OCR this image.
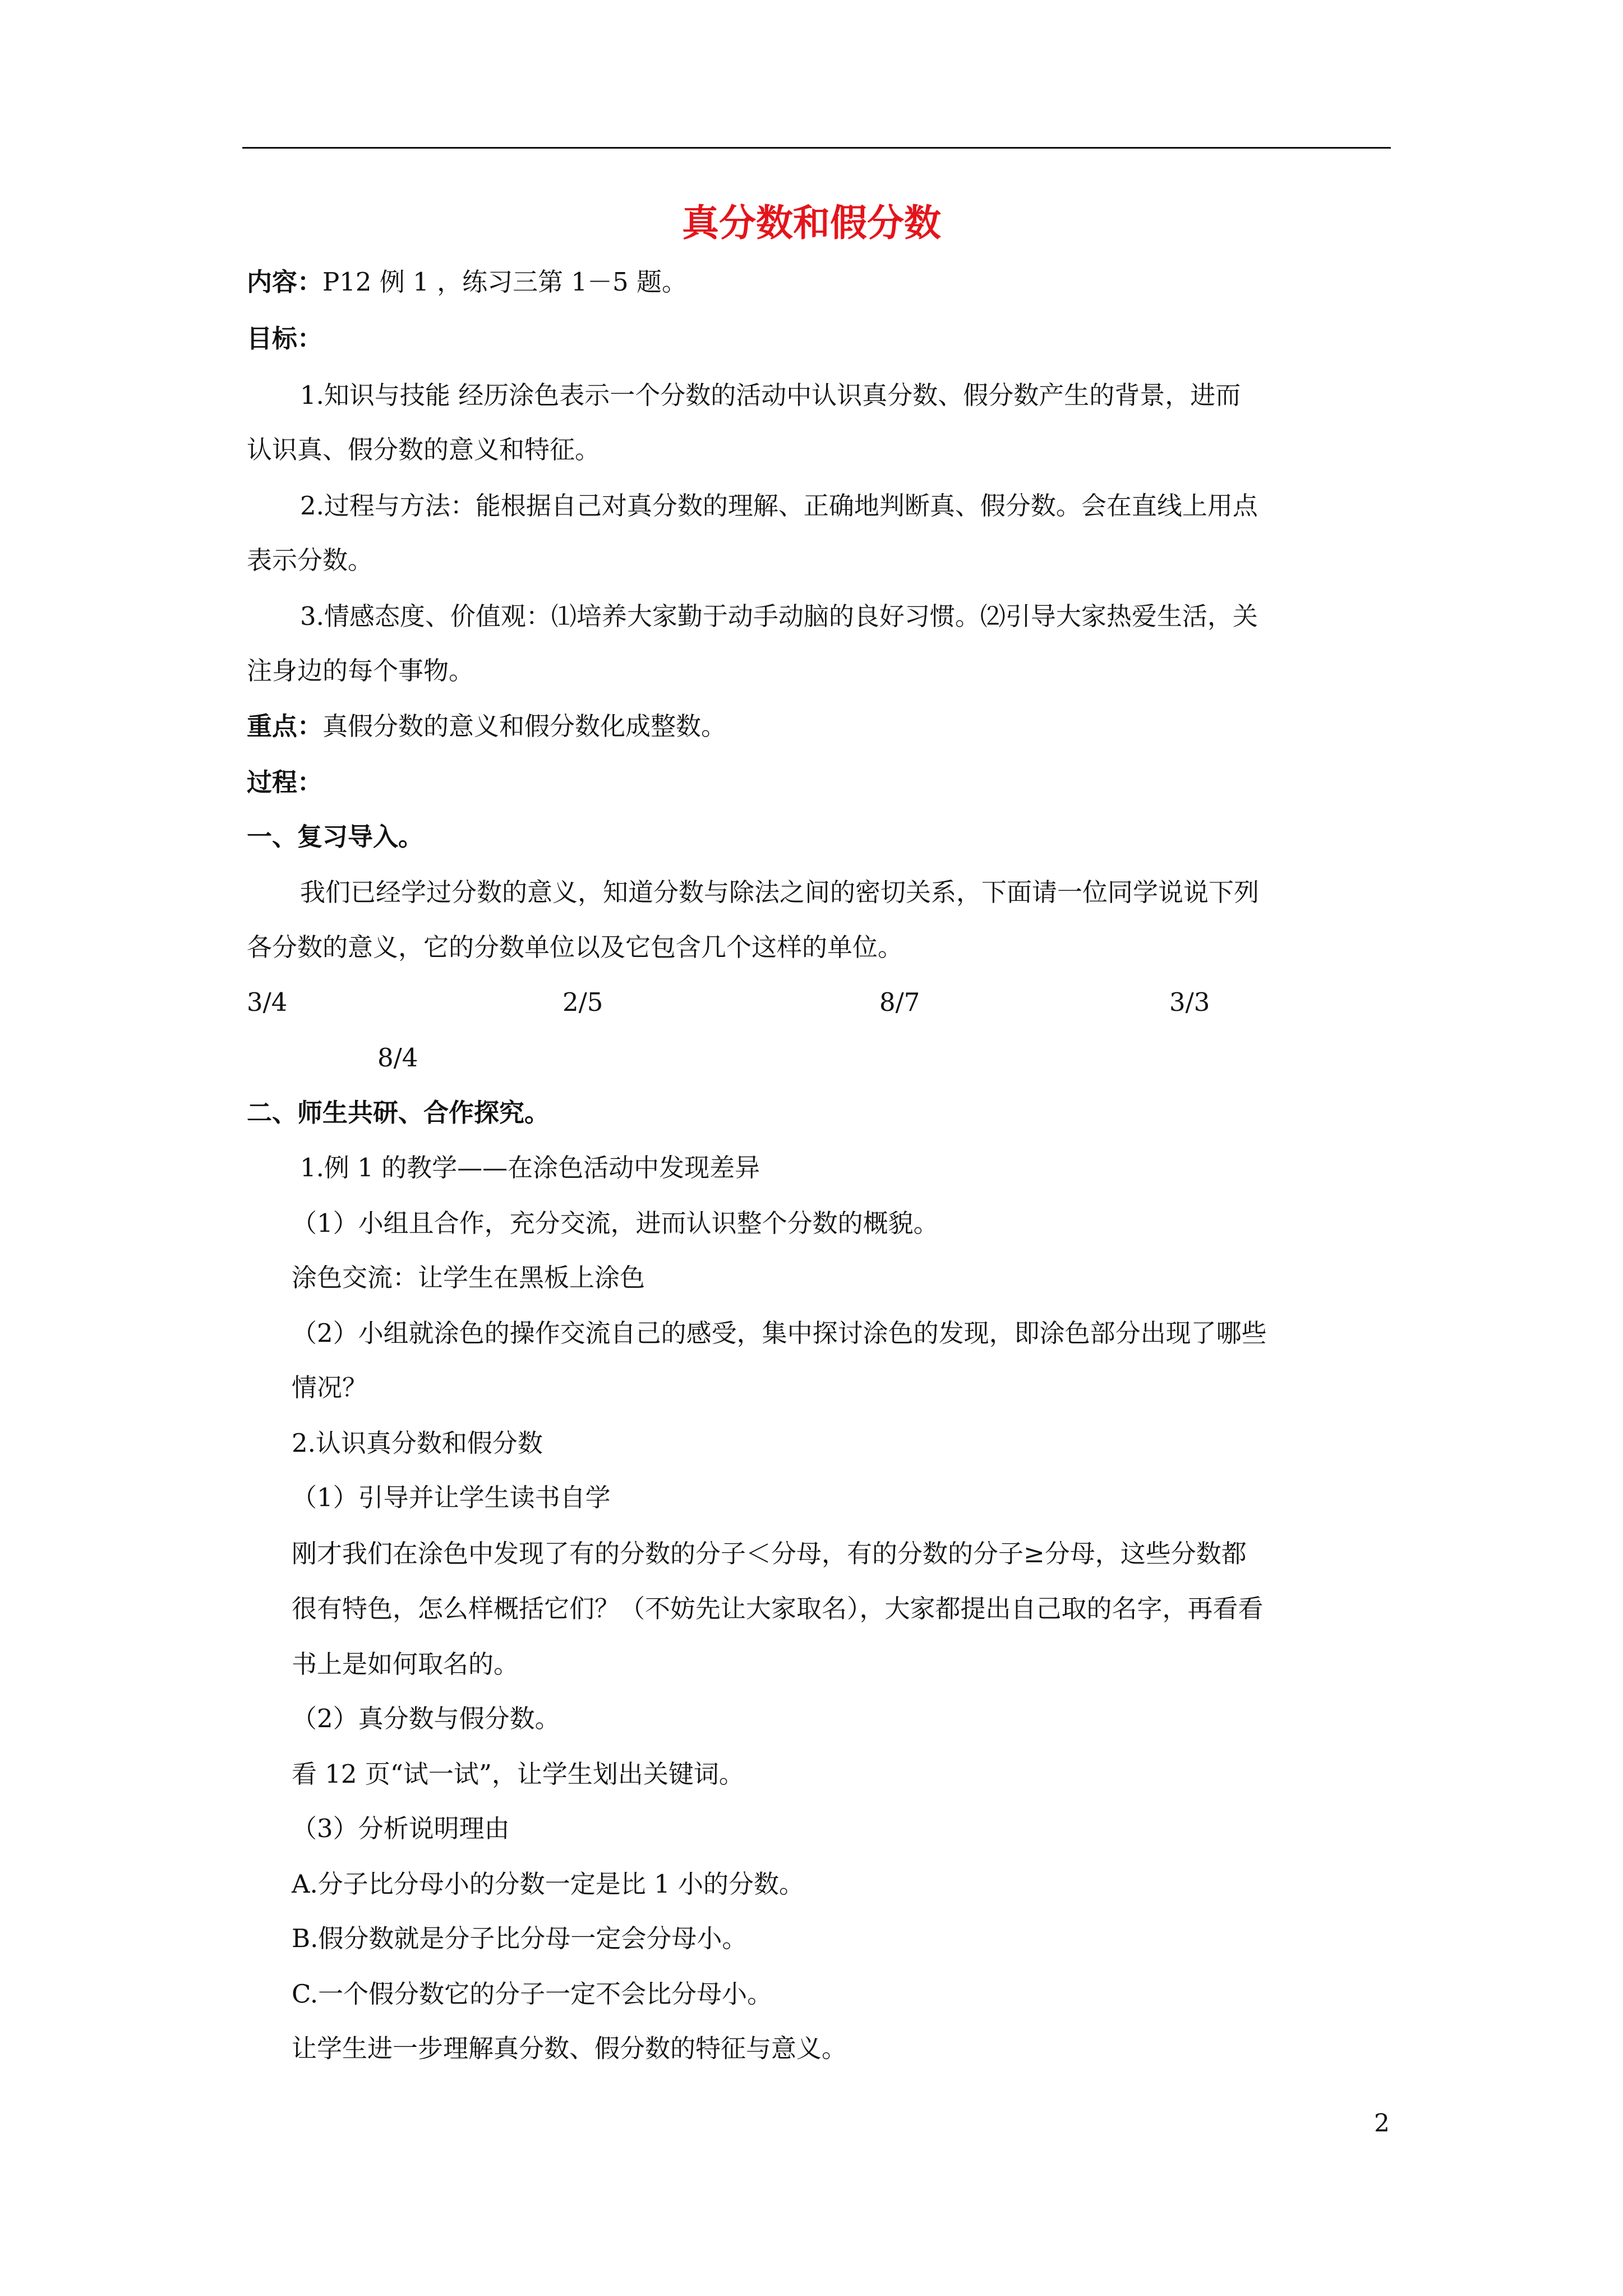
真分数和假分数
内容：P12 例 1 ，练习三第 1－5 题。
目标：
1.知识与技能 经历涂色表示一个分数的活动中认识真分数、假分数产生的背景，进而
认识真、假分数的意义和特征。
2.过程与方法：能根据自己对真分数的理解、正确地判断真、假分数。会在直线上用点
表示分数。
3.情感态度、价值观：⑴培养大家勤于动手动脑的良好习惯。⑵引导大家热爱生活，关
注身边的每个事物。
重点：真假分数的意义和假分数化成整数。
过程：
一、复习导入。
我们已经学过分数的意义，知道分数与除法之间的密切关系，下面请一位同学说说下列
各分数的意义，它的分数单位以及它包含几个这样的单位。
3/4	2/5	8/7	3/3
8/4
二、师生共研、合作探究。
1.例 1 的教学——在涂色活动中发现差异
（1）小组且合作，充分交流，进而认识整个分数的概貌。
涂色交流：让学生在黑板上涂色
（2）小组就涂色的操作交流自己的感受，集中探讨涂色的发现，即涂色部分出现了哪些
情况？
2.认识真分数和假分数
（1）引导并让学生读书自学
刚才我们在涂色中发现了有的分数的分子＜分母，有的分数的分子≥分母，这些分数都
很有特色，怎么样概括它们？（不妨先让大家取名），大家都提出自己取的名字，再看看
书上是如何取名的。
（2）真分数与假分数。
看 12 页“试一试”，让学生划出关键词。
（3）分析说明理由
A.分子比分母小的分数一定是比 1 小的分数。
B.假分数就是分子比分母一定会分母小。
C.一个假分数它的分子一定不会比分母小。
让学生进一步理解真分数、假分数的特征与意义。
2
